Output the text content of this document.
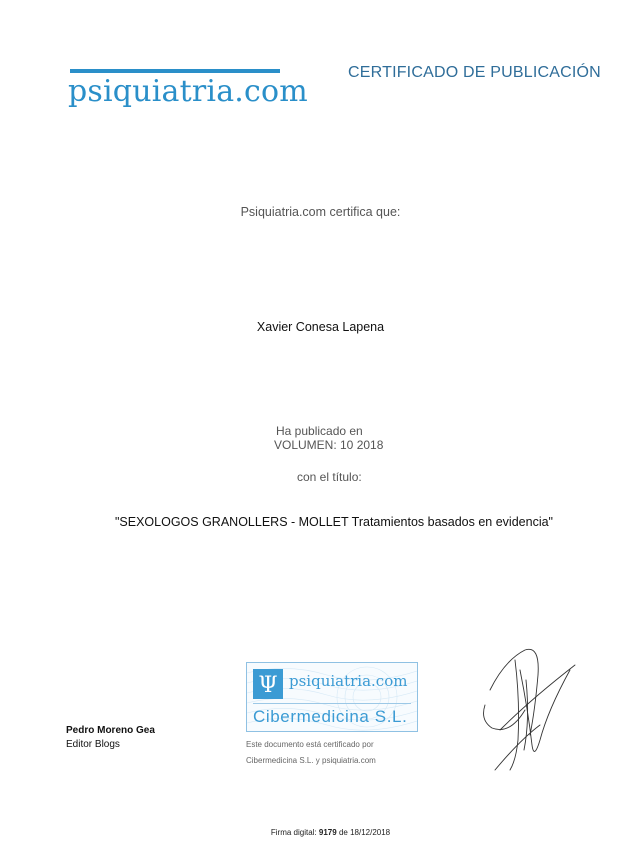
psiquiatria.com
CERTIFICADO DE PUBLICACIÓN
Psiquiatria.com certifica que:
Xavier Conesa Lapena
Ha publicado en
VOLUMEN: 10 2018
con el título:
"SEXOLOGOS GRANOLLERS - MOLLET Tratamientos basados en evidencia"
Pedro Moreno Gea
Editor Blogs
Ψ psiquiatria.com
Cibermedicina S.L.
Este documento está certificado por
Cibermedicina S.L. y psiquiatria.com
Firma digital: 9179 de 18/12/2018
